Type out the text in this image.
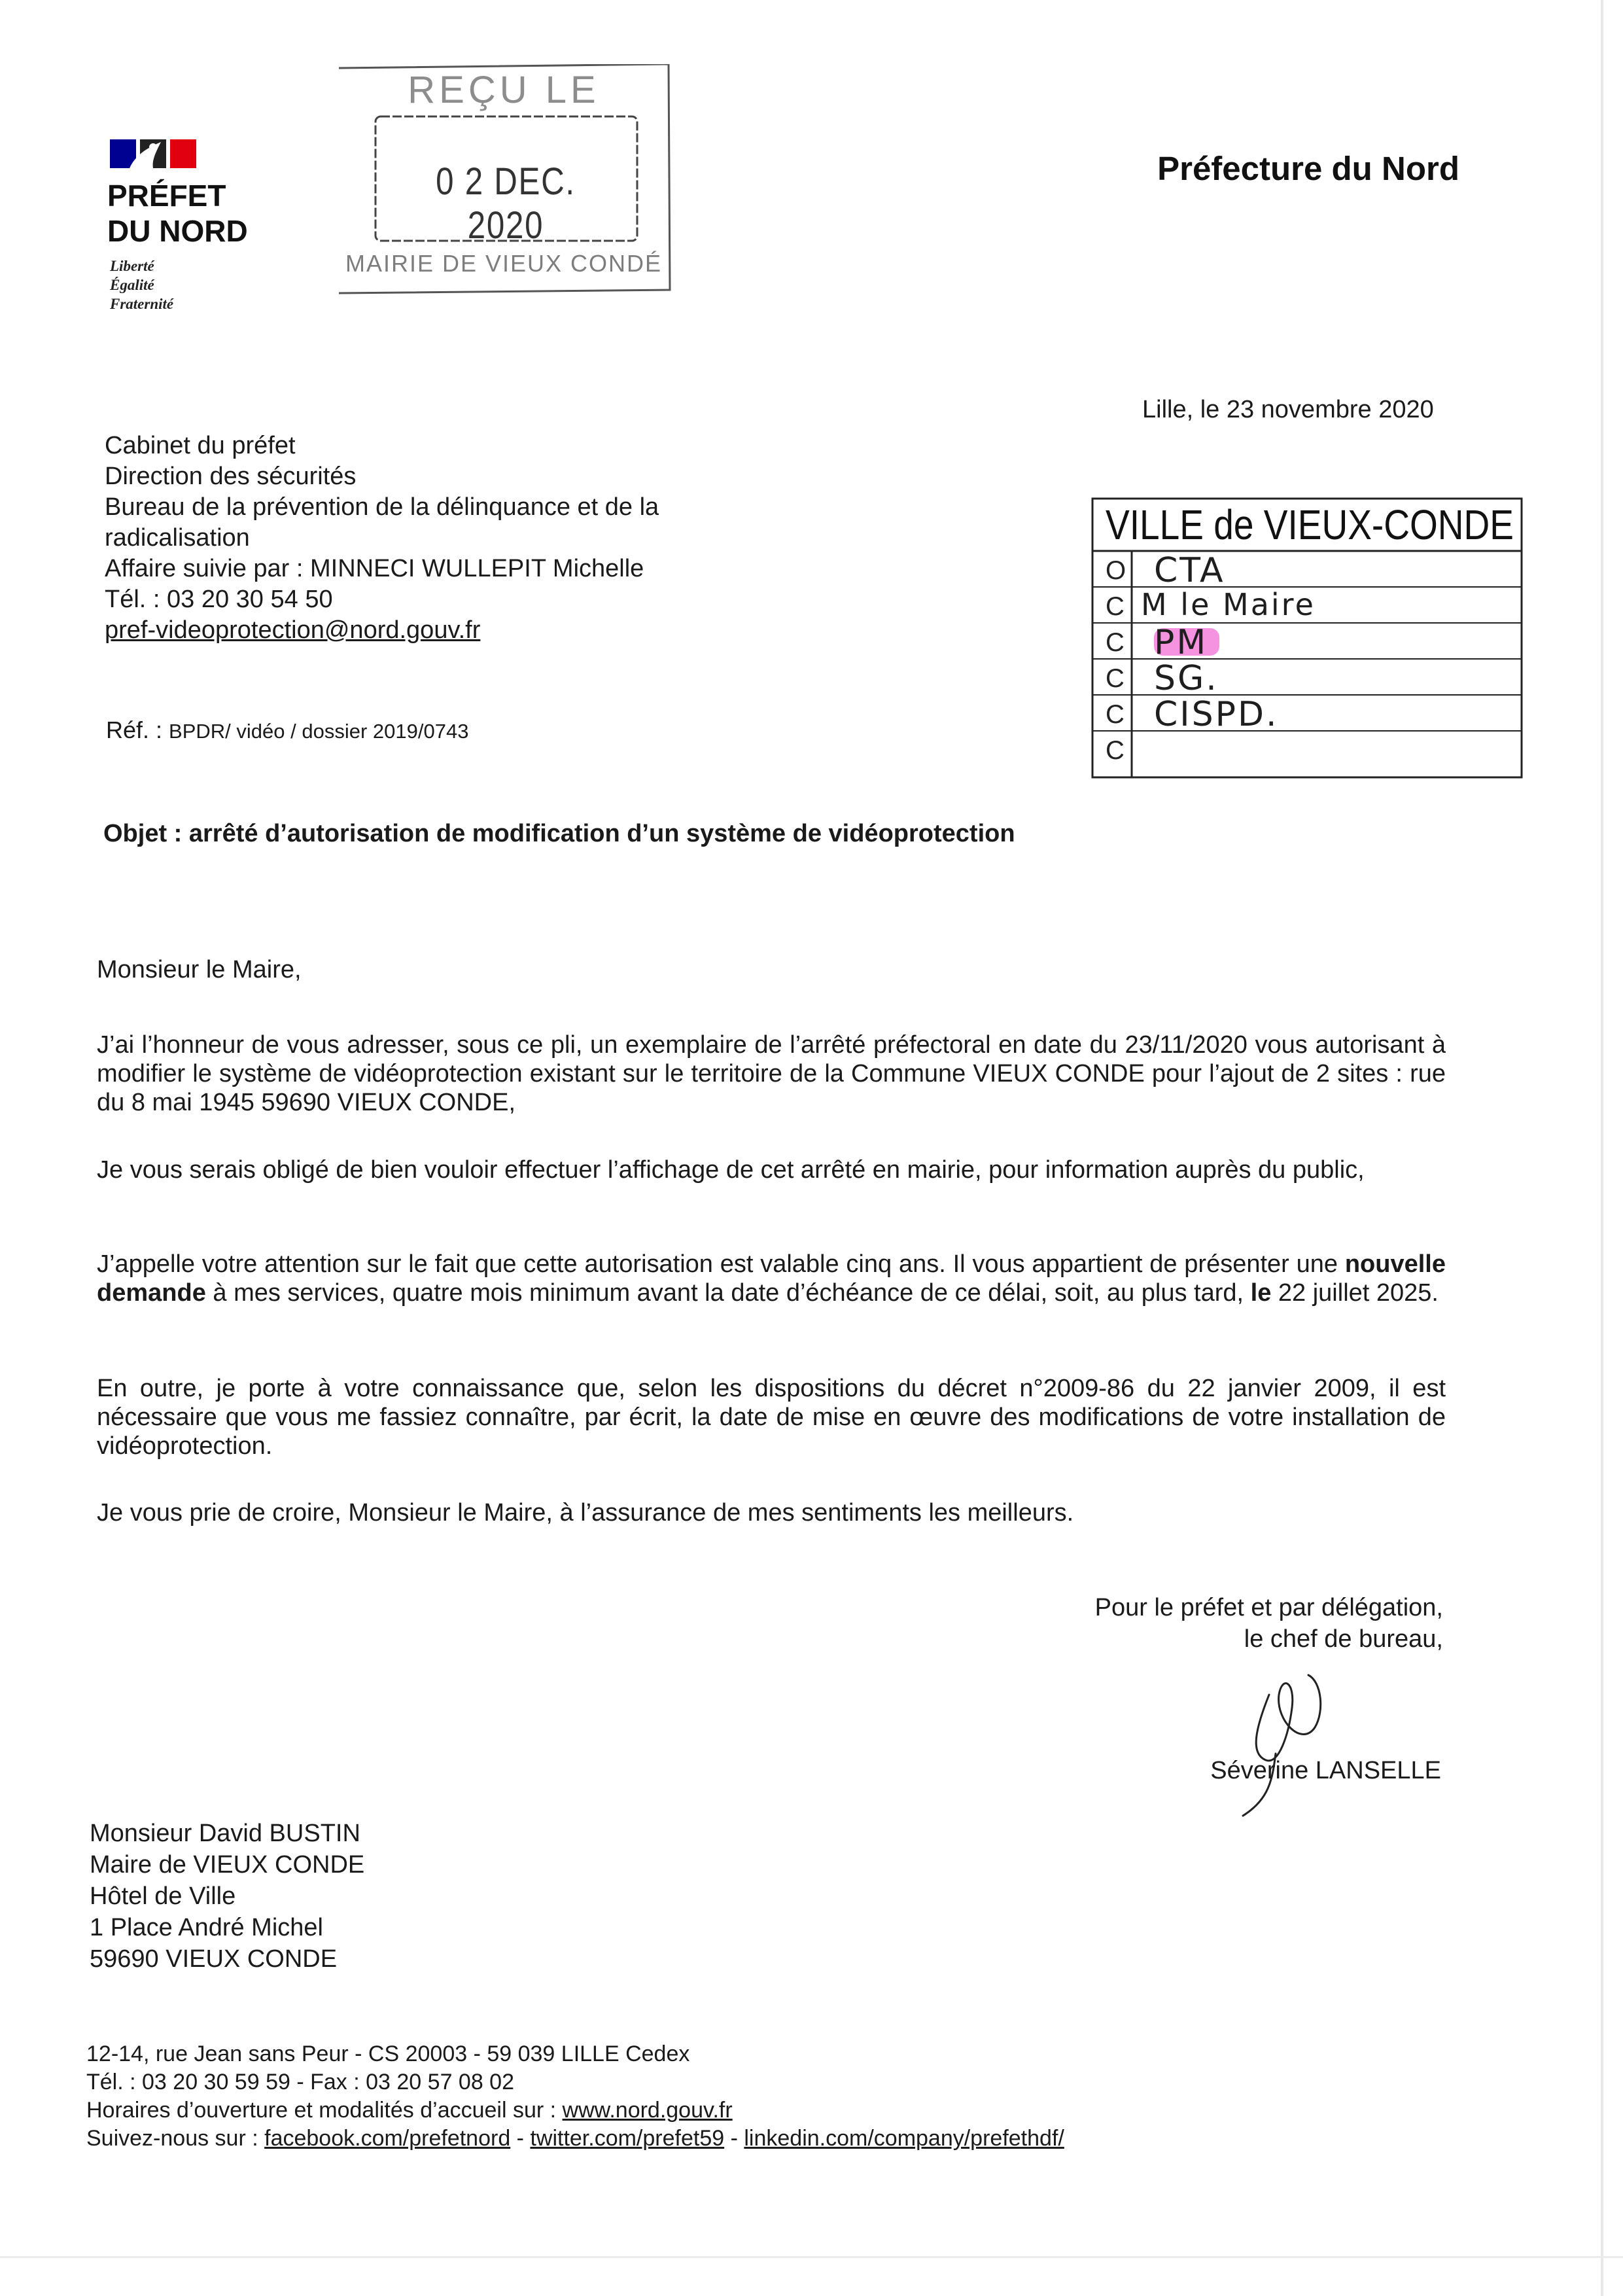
PRÉFET
DU NORD
Liberté
Égalité
Fraternité
REÇU LE
0 2 DEC. 2020
MAIRIE DE VIEUX CONDÉ
Préfecture du Nord
Lille, le 23 novembre 2020
Cabinet du préfet
Direction des sécurités
Bureau de la prévention de la délinquance et de la
radicalisation
Affaire suivie par : MINNECI WULLEPIT Michelle
Tél. : 03 20 30 54 50
pref-videoprotection@nord.gouv.fr
Réf. : BPDR/ vidéo / dossier 2019/0743
VILLE de VIEUX-CONDE
O
C
C
C
C
C
CTA
M le Maire
PM
SG.
CISPD.
Objet : arrêté d’autorisation de modification d’un système de vidéoprotection
Monsieur le Maire,
J’ai l’honneur de vous adresser, sous ce pli, un exemplaire de l’arrêté préfectoral en date du 23/11/2020 vous autorisant à modifier le système de vidéoprotection existant sur le territoire de la Commune VIEUX CONDE pour l’ajout de 2 sites : rue du 8 mai 1945 59690 VIEUX CONDE,
Je vous serais obligé de bien vouloir effectuer l’affichage de cet arrêté en mairie, pour information auprès du public,
J’appelle votre attention sur le fait que cette autorisation est valable cinq ans. Il vous appartient de présenter une nouvelle demande à mes services, quatre mois minimum avant la date d’échéance de ce délai, soit, au plus tard, le 22 juillet 2025.
En outre, je porte à votre connaissance que, selon les dispositions du décret n°2009-86 du 22 janvier 2009, il est nécessaire que vous me fassiez connaître, par écrit, la date de mise en œuvre des modifications de votre installation de vidéoprotection.
Je vous prie de croire, Monsieur le Maire, à l’assurance de mes sentiments les meilleurs.
Pour le préfet et par délégation,
le chef de bureau,
Séverine LANSELLE
Monsieur David BUSTIN
Maire de VIEUX CONDE
Hôtel de Ville
1 Place André Michel
59690 VIEUX CONDE
12-14, rue Jean sans Peur - CS 20003 - 59 039 LILLE Cedex
Tél. : 03 20 30 59 59 - Fax : 03 20 57 08 02
Horaires d’ouverture et modalités d’accueil sur : www.nord.gouv.fr
Suivez-nous sur : facebook.com/prefetnord - twitter.com/prefet59 - linkedin.com/company/prefethdf/
